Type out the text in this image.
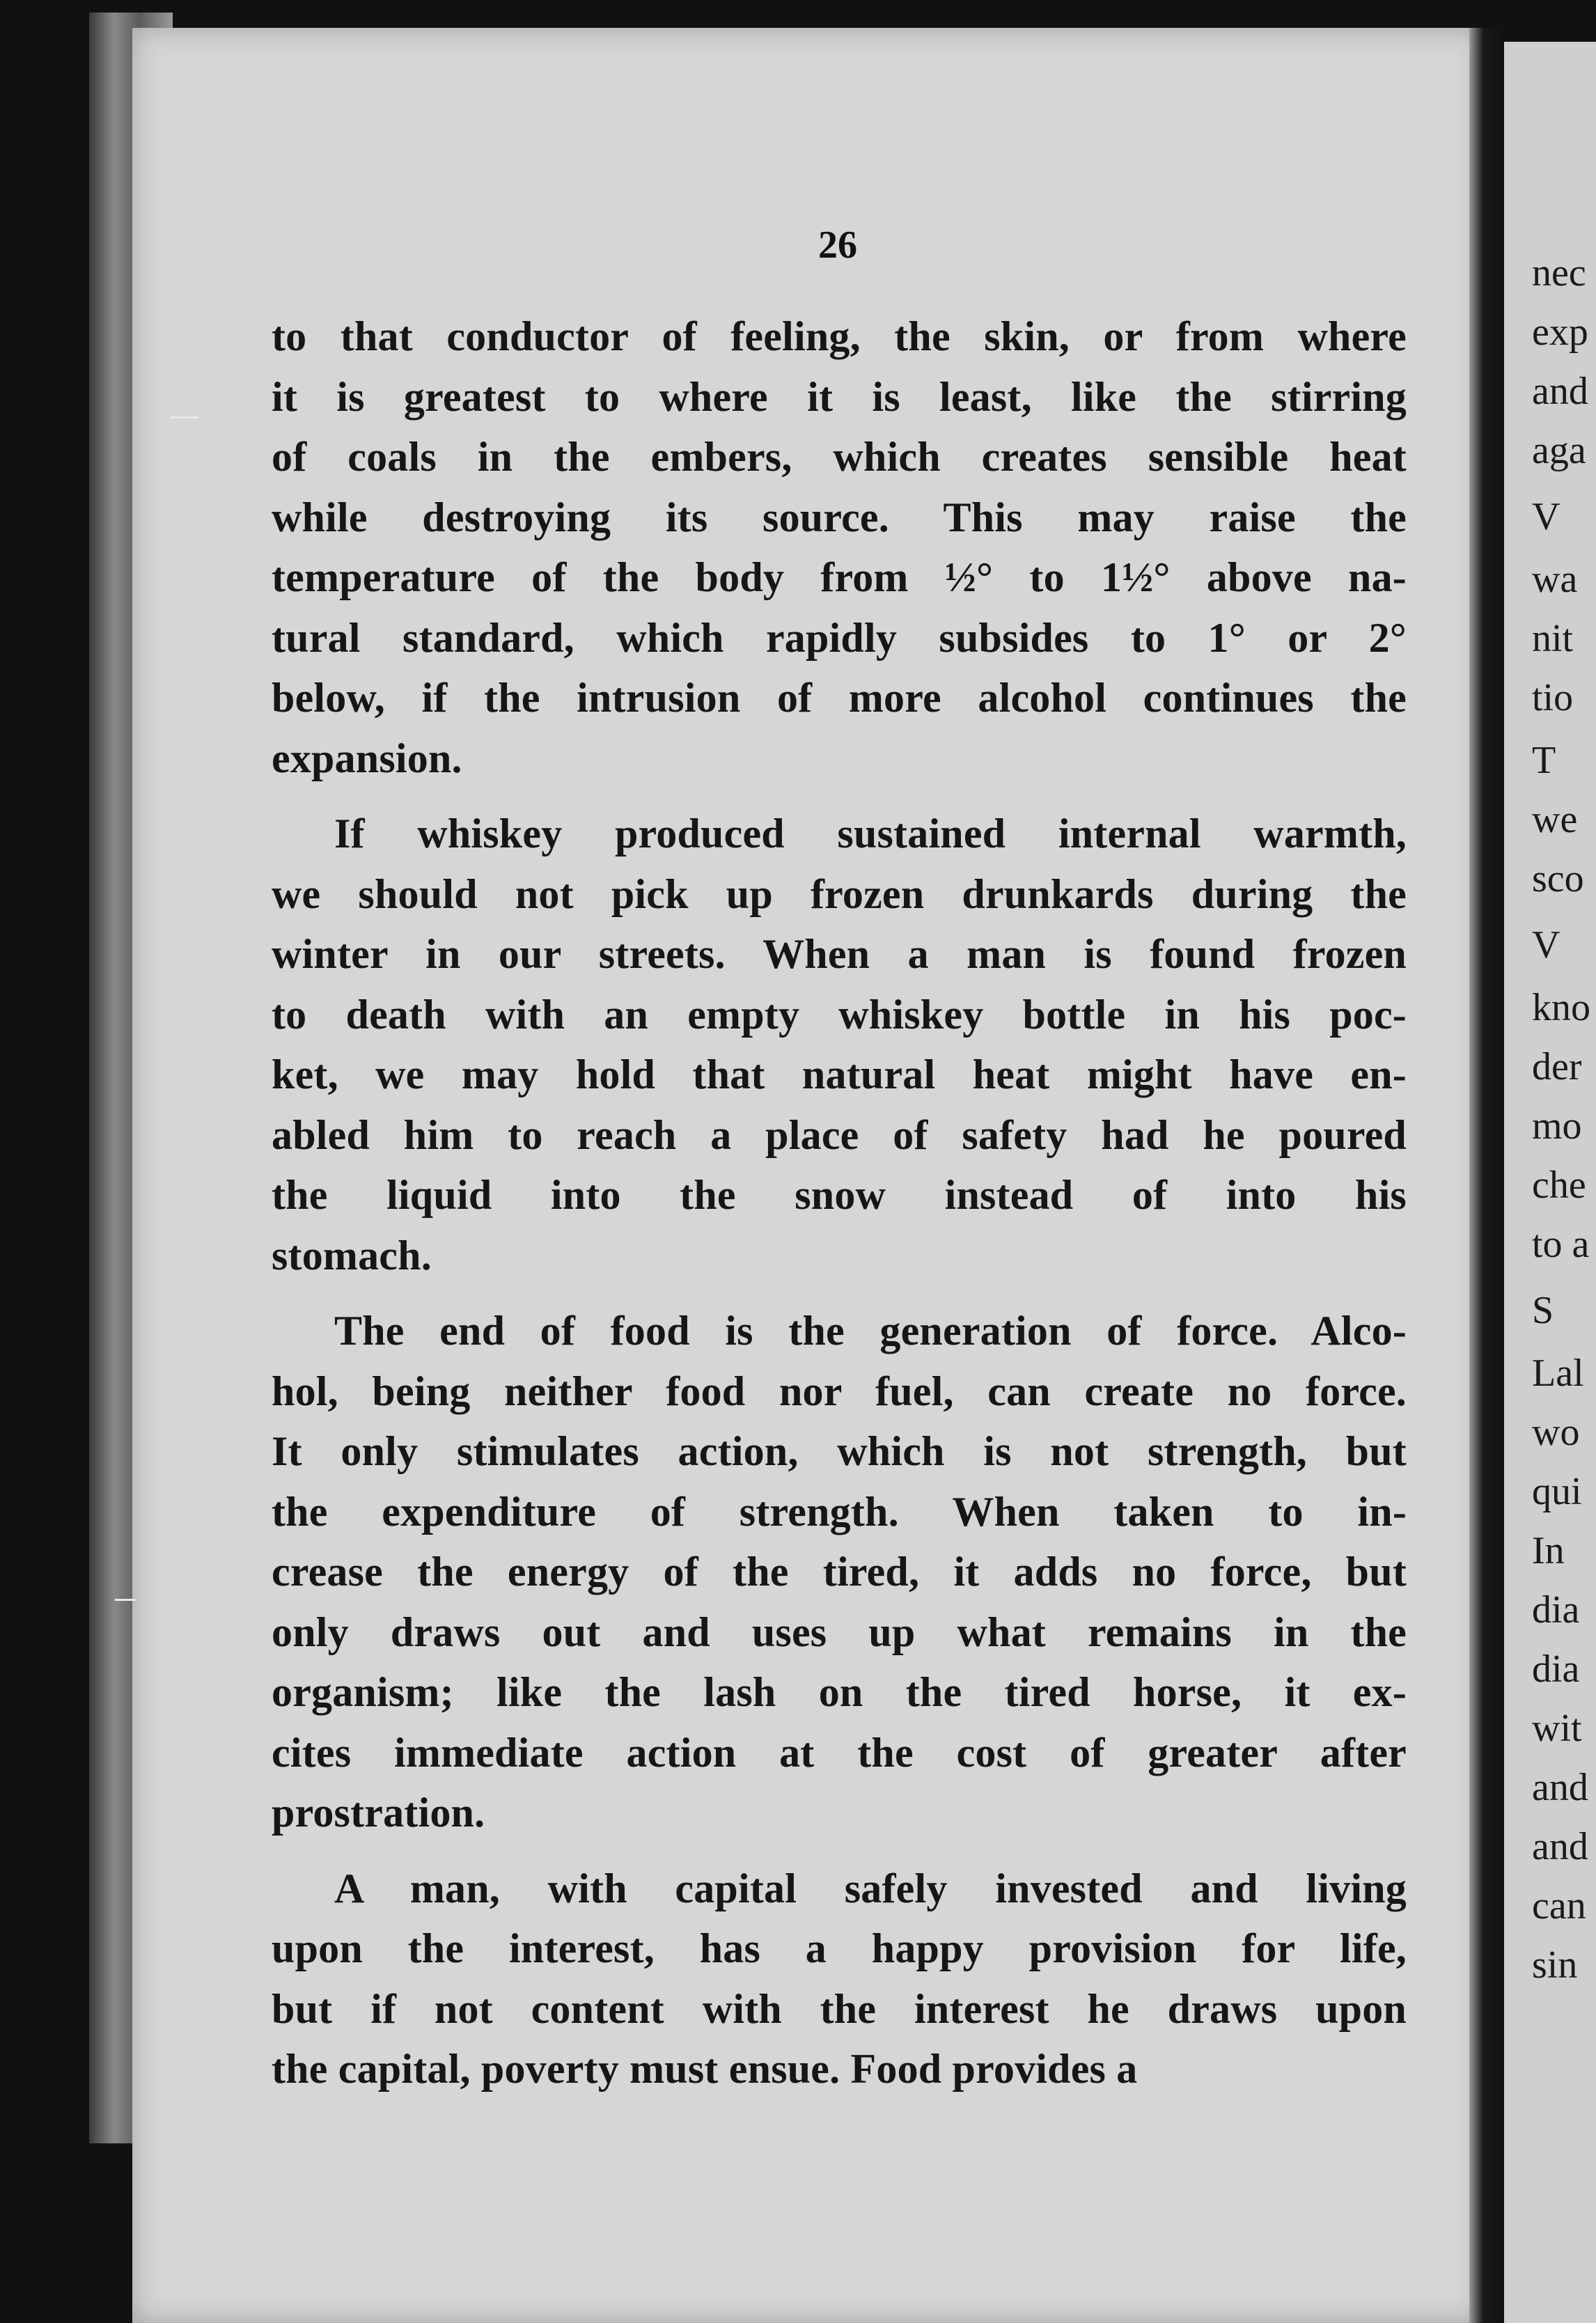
nec
exp
and
aga
V
wa
nit
tio
T
we
sco
V
kno
der
mo
che
to a
S
Lal
wo
qui
In
dia
dia
wit
and
and
can
sin
26
to that conductor of feeling, the skin, or from where
it is greatest to where it is least, like the stirring
of coals in the embers, which creates sensible heat
while destroying its source. This may raise the
temperature of the body from ½° to 1½° above na-
tural standard, which rapidly subsides to 1° or 2°
below, if the intrusion of more alcohol continues the
expansion.
If whiskey produced sustained internal warmth,
we should not pick up frozen drunkards during the
winter in our streets. When a man is found frozen
to death with an empty whiskey bottle in his poc-
ket, we may hold that natural heat might have en-
abled him to reach a place of safety had he poured
the liquid into the snow instead of into his
stomach.
The end of food is the generation of force. Alco-
hol, being neither food nor fuel, can create no force.
It only stimulates action, which is not strength, but
the expenditure of strength. When taken to in-
crease the energy of the tired, it adds no force, but
only draws out and uses up what remains in the
organism; like the lash on the tired horse, it ex-
cites immediate action at the cost of greater after
prostration.
A man, with capital safely invested and living
upon the interest, has a happy provision for life,
but if not content with the interest he draws upon
the capital, poverty must ensue. Food provides a
